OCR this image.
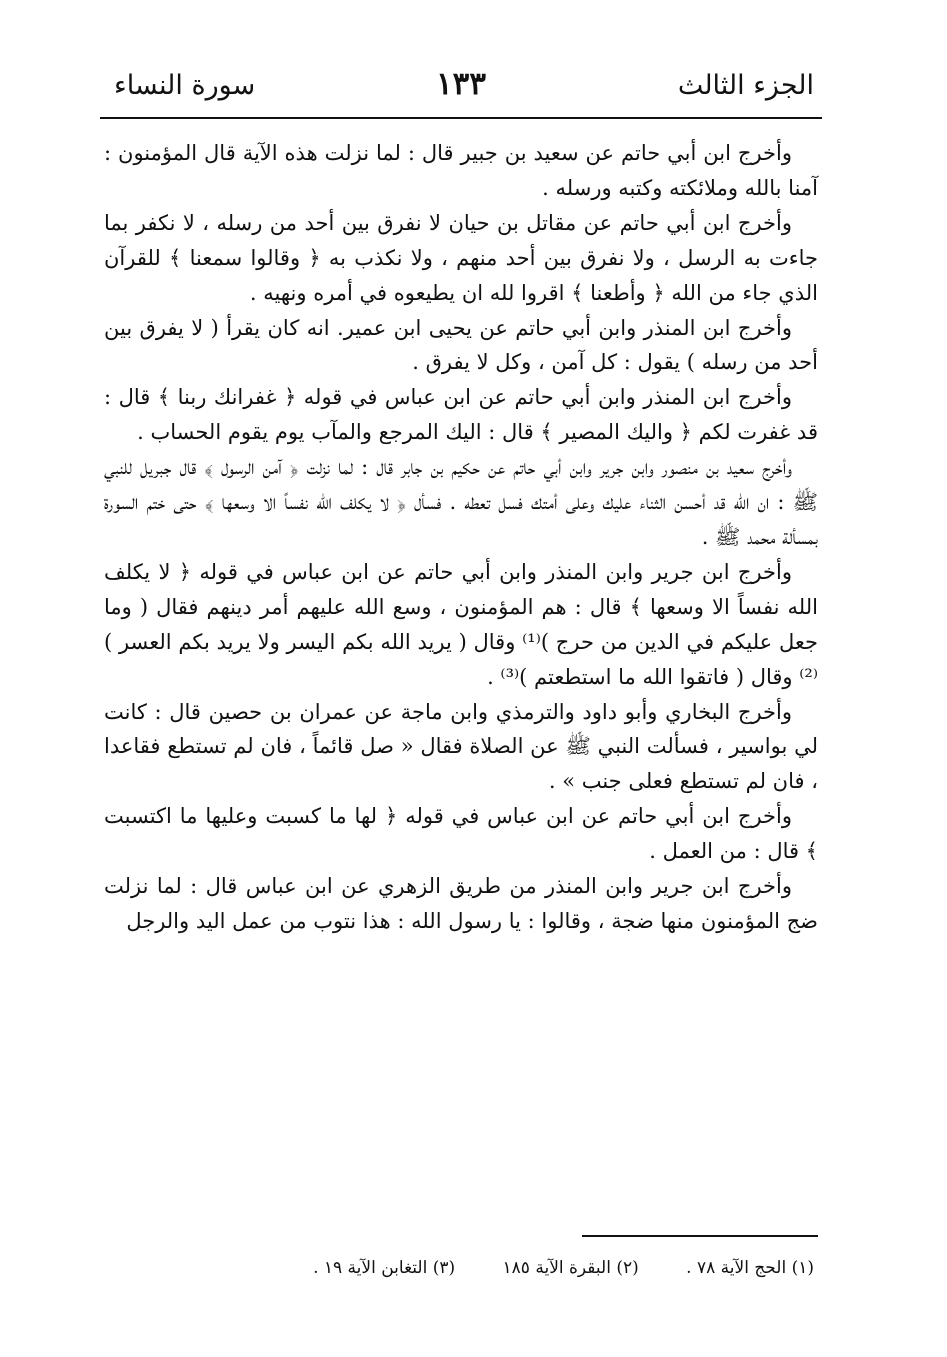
الجزء الثالث
١٣٣
سورة النساء

وأخرج ابن أبي حاتم عن سعيد بن جبير قال : لما نزلت هذه الآية قال المؤمنون : آمنا بالله وملائكته وكتبه ورسله .

وأخرج ابن أبي حاتم عن مقاتل بن حيان لا نفرق بين أحد من رسله ، لا نكفر بما جاءت به الرسل ، ولا نفرق بين أحد منهم ، ولا نكذب به ﴿ وقالوا سمعنا ﴾ للقرآن الذي جاء من الله ﴿ وأطعنا ﴾ اقروا لله ان يطيعوه في أمره ونهيه .

وأخرج ابن المنذر وابن أبي حاتم عن يحيى ابن عمير. انه كان يقرأ ( لا يفرق بين أحد من رسله ) يقول : كل آمن ، وكل لا يفرق .

وأخرج ابن المنذر وابن أبي حاتم عن ابن عباس في قوله ﴿ غفرانك ربنا ﴾ قال : قد غفرت لكم ﴿ واليك المصير ﴾ قال : اليك المرجع والمآب يوم يقوم الحساب .

وأخرج سعيد بن منصور وابن جرير وابن أبي حاتم عن حكيم بن جابر قال : لما نزلت ﴿ آمن الرسول ﴾ قال جبريل للنبي ﷺ : ان الله قد أحسن الثناء عليك وعلى أمتك فسل تعطه . فسأل ﴿ لا يكلف الله نفساً الا وسعها ﴾ حتى ختم السورة بمسألة محمد ﷺ .

وأخرج ابن جرير وابن المنذر وابن أبي حاتم عن ابن عباس في قوله ﴿ لا يكلف الله نفساً الا وسعها ﴾ قال : هم المؤمنون ، وسع الله عليهم أمر دينهم فقال ( وما جعل عليكم في الدين من حرج )⁽¹⁾ وقال ( يريد الله بكم اليسر ولا يريد بكم العسر )⁽²⁾ وقال ( فاتقوا الله ما استطعتم )⁽³⁾ .

وأخرج البخاري وأبو داود والترمذي وابن ماجة عن عمران بن حصين قال : كانت لي بواسير ، فسألت النبي ﷺ عن الصلاة فقال « صل قائماً ، فان لم تستطع فقاعدا ، فان لم تستطع فعلى جنب » .

وأخرج ابن أبي حاتم عن ابن عباس في قوله ﴿ لها ما كسبت وعليها ما اكتسبت ﴾ قال : من العمل .

وأخرج ابن جرير وابن المنذر من طريق الزهري عن ابن عباس قال : لما نزلت ضج المؤمنون منها ضجة ، وقالوا : يا رسول الله : هذا نتوب من عمل اليد والرجل

(١) الحج الآية ٧٨ . (٢) البقرة الآية ١٨٥ (٣) التغابن الآية ١٩ .
